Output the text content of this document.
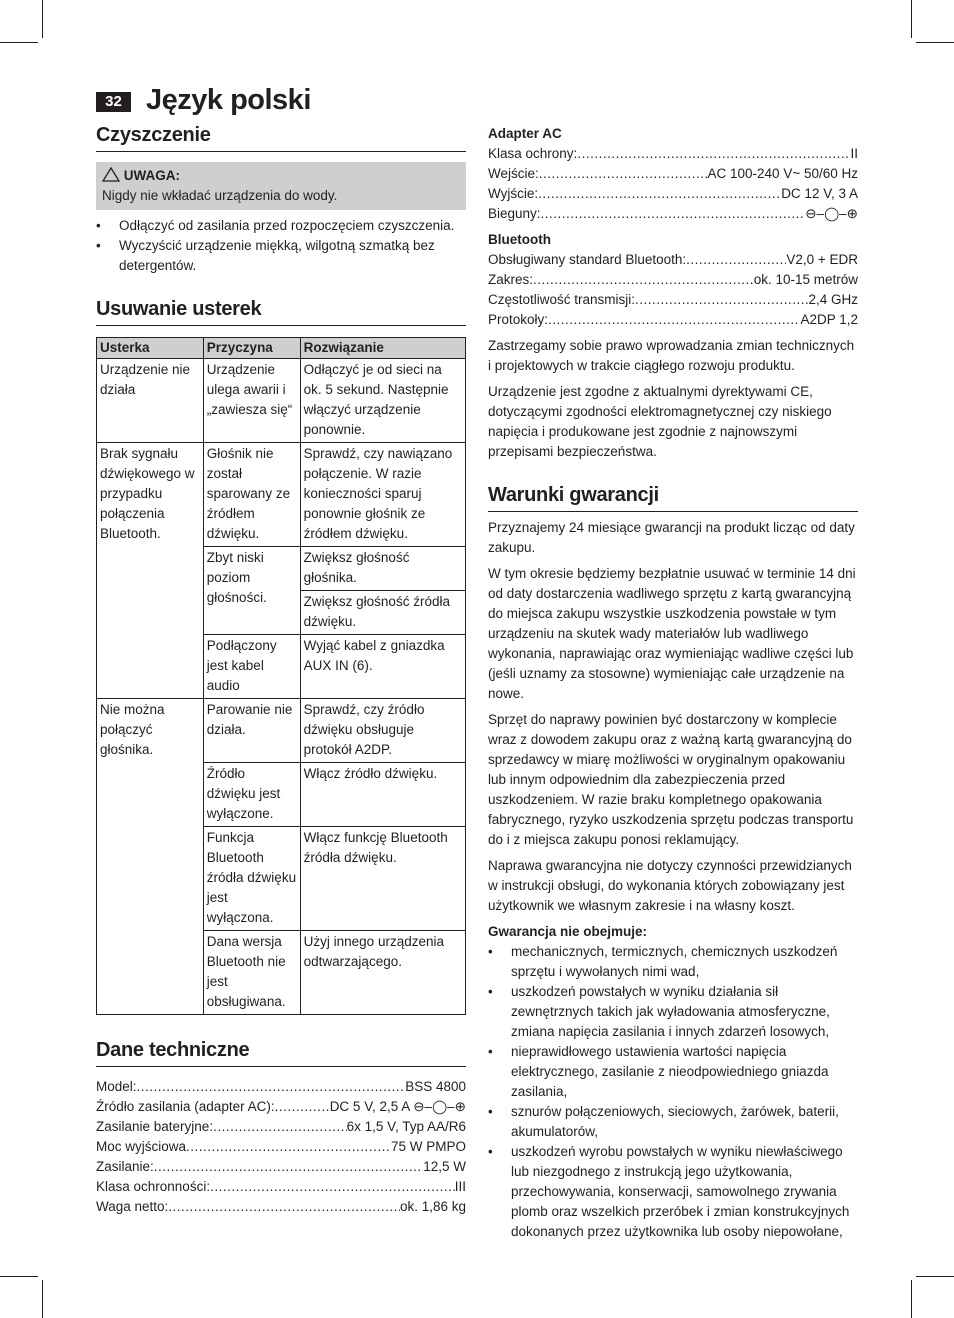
32 Język polski
Czyszczenie
UWAGA:
Nigdy nie wkładać urządzenia do wody.
• Odłączyć od zasilania przed rozpoczęciem czyszczenia.
• Wyczyścić urządzenie miękką, wilgotną szmatką bez detergentów.
Usuwanie usterek
Usterka	Przyczyna	Rozwiązanie
Urządzenie nie działa	Urządzenie ulega awarii i „zawiesza się“	Odłączyć je od sieci na ok. 5 sekund. Następnie włączyć urządzenie ponownie.
Brak sygnału dźwiękowego w przypadku połączenia Bluetooth.	Głośnik nie został sparowany ze źródłem dźwięku.	Sprawdź, czy nawiązano połączenie. W razie konieczności sparuj ponownie głośnik ze źródłem dźwięku.
	Zbyt niski poziom głośności.	Zwiększ głośność głośnika.
		Zwiększ głośność źródła dźwięku.
	Podłączony jest kabel audio	Wyjąć kabel z gniazdka AUX IN (6).
Nie można połączyć głośnika.	Parowanie nie działa.	Sprawdź, czy źródło dźwięku obsługuje protokół A2DP.
	Źródło dźwięku jest wyłączone.	Włącz źródło dźwięku.
	Funkcja Bluetooth źródła dźwięku jest wyłączona.	Włącz funkcję Bluetooth źródła dźwięku.
	Dana wersja Bluetooth nie jest obsługiwana.	Użyj innego urządzenia odtwarzającego.
Dane techniczne
Model: .....	BSS 4800
Źródło zasilania (adapter AC): .....	DC 5 V, 2,5 A ⊖–◯–⊕
Zasilanie bateryjne: .....	6x 1,5 V, Typ AA/R6
Moc wyjściowa .....	75 W PMPO
Zasilanie: .....	12,5 W
Klasa ochronności: .....	III
Waga netto: .....	ok. 1,86 kg
Adapter AC
Klasa ochrony: .....	II
Wejście: .....	AC 100-240 V~ 50/60 Hz
Wyjście: .....	DC 12 V, 3 A
Bieguny: .....	⊖–◯–⊕
Bluetooth
Obsługiwany standard Bluetooth: .....	V2,0 + EDR
Zakres: .....	ok. 10-15 metrów
Częstotliwość transmisji: .....	2,4 GHz
Protokoły: .....	A2DP 1,2

Zastrzegamy sobie prawo wprowadzania zmian technicznych i projektowych w trakcie ciągłego rozwoju produktu.

Urządzenie jest zgodne z aktualnymi dyrektywami CE, dotyczącymi zgodności elektromagnetycznej czy niskiego napięcia i produkowane jest zgodnie z najnowszymi przepisami bezpieczeństwa.

Warunki gwarancji

Przyznajemy 24 miesiące gwarancji na produkt licząc od daty zakupu.

W tym okresie będziemy bezpłatnie usuwać w terminie 14 dni od daty dostarczenia wadliwego sprzętu z kartą gwarancyjną do miejsca zakupu wszystkie uszkodzenia powstałe w tym urządzeniu na skutek wady materiałów lub wadliwego wykonania, naprawiając oraz wymieniając wadliwe części lub (jeśli uznamy za stosowne) wymieniając całe urządzenie na nowe.

Sprzęt do naprawy powinien być dostarczony w komplecie wraz z dowodem zakupu oraz z ważną kartą gwarancyjną do sprzedawcy w miarę możliwości w oryginalnym opakowaniu lub innym odpowiednim dla zabezpieczenia przed uszkodzeniem. W razie braku kompletnego opakowania fabrycznego, ryzyko uszkodzenia sprzętu podczas transportu do i z miejsca zakupu ponosi reklamujący.

Naprawa gwarancyjna nie dotyczy czynności przewidzianych w instrukcji obsługi, do wykonania których zobowiązany jest użytkownik we własnym zakresie i na własny koszt.

Gwarancja nie obejmuje:
• mechanicznych, termicznych, chemicznych uszkodzeń sprzętu i wywołanych nimi wad,
• uszkodzeń powstałych w wyniku działania sił zewnętrznych takich jak wyładowania atmosferyczne, zmiana napięcia zasilania i innych zdarzeń losowych,
• nieprawidłowego ustawienia wartości napięcia elektrycznego, zasilanie z nieodpowiedniego gniazda zasilania,
• sznurów połączeniowych, sieciowych, żarówek, baterii, akumulatorów,
• uszkodzeń wyrobu powstałych w wyniku niewłaściwego lub niezgodnego z instrukcją jego użytkowania, przechowywania, konserwacji, samowolnego zrywania plomb oraz wszelkich przeróbek i zmian konstrukcyjnych dokonanych przez użytkownika lub osoby niepowołane,
